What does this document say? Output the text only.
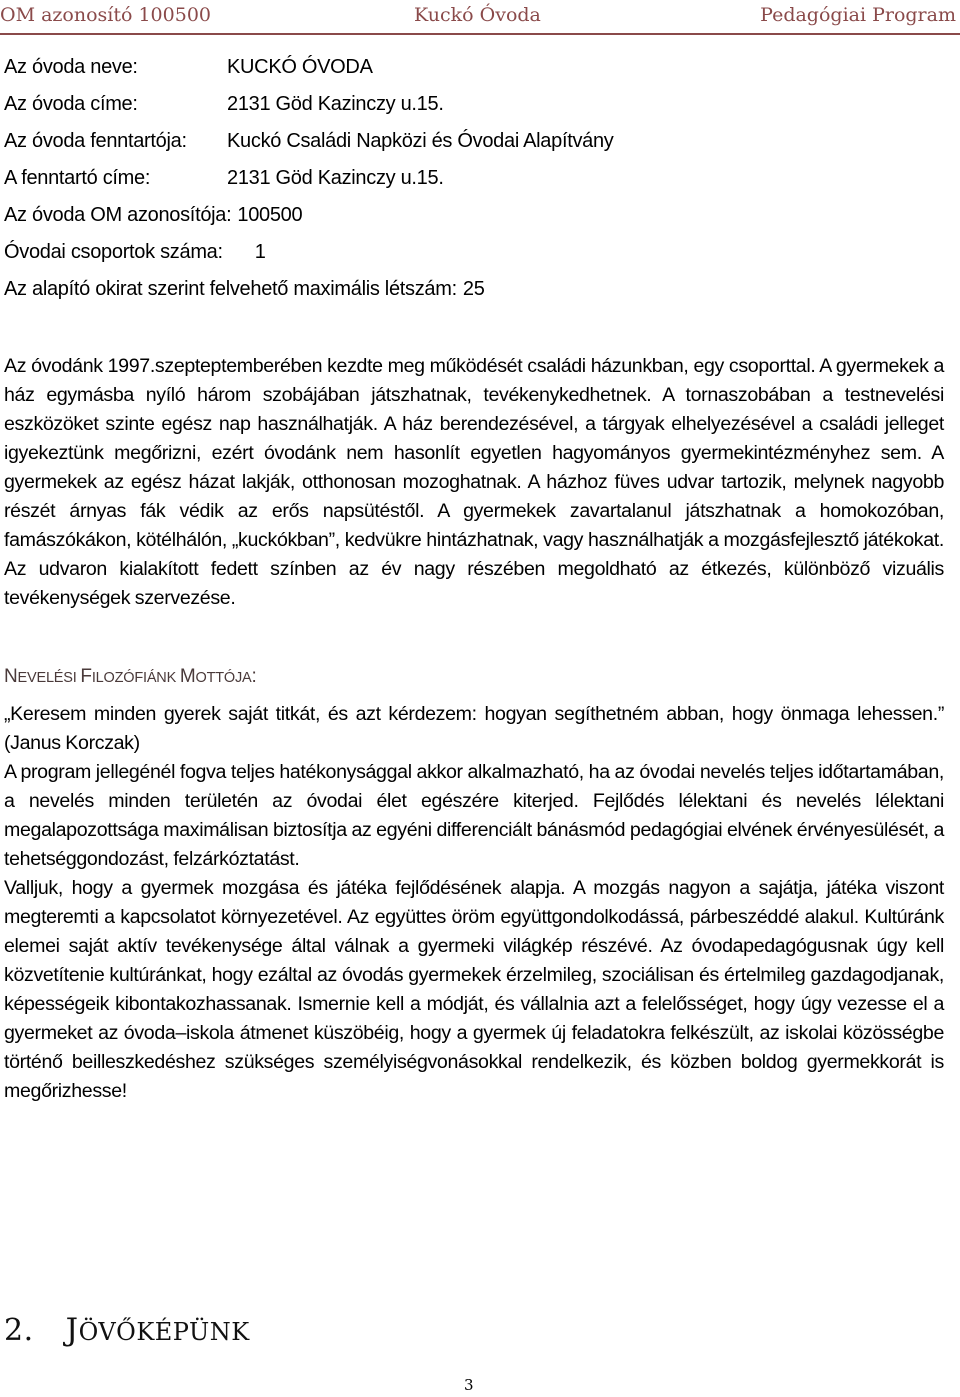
OM azonosító 100500	Kuckó Óvoda	Pedagógiai Program
Az óvoda neve:	KUCKÓ ÓVODA
Az óvoda címe:	2131 Göd Kazinczy u.15.
Az óvoda fenntartója: Kuckó Családi Napközi és Óvodai Alapítvány
A fenntartó címe:	2131 Göd Kazinczy u.15.
Az óvoda OM azonosítója: 100500
Óvodai csoportok száma: 1
Az alapító okirat szerint felvehető maximális létszám: 25
Az óvodánk 1997.szepteptemberében kezdte meg működését családi házunkban, egy csoporttal. A gyermekek a ház egymásba nyíló három szobájában játszhatnak, tevékenykedhetnek. A tornaszobában a testnevelési eszközöket szinte egész nap használhatják. A ház berendezésével, a tárgyak elhelyezésével a családi jelleget igyekeztünk megőrizni, ezért óvodánk nem hasonlít egyetlen hagyományos gyermekintézményhez sem. A gyermekek az egész házat lakják, otthonosan mozoghatnak. A házhoz füves udvar tartozik, melynek nagyobb részét árnyas fák védik az erős napsütéstől. A gyermekek zavartalanul játszhatnak a homokozóban, famászókákon, kötélhálón, „kuckókban”, kedvükre hintázhatnak, vagy használhatják a mozgásfejlesztő játékokat. Az udvaron kialakított fedett színben az év nagy részében megoldható az étkezés, különböző vizuális tevékenységek szervezése.
NEVELÉSI FILOZÓFIÁNK MOTTÓJA:
„Keresem minden gyerek saját titkát, és azt kérdezem: hogyan segíthetném abban, hogy önmaga lehessen.” (Janus Korczak)
A program jellegénél fogva teljes hatékonysággal akkor alkalmazható, ha az óvodai nevelés teljes időtartamában, a nevelés minden területén az óvodai élet egészére kiterjed. Fejlődés lélektani és nevelés lélektani megalapozottsága maximálisan biztosítja az egyéni differenciált bánásmód pedagógiai elvének érvényesülését, a tehetséggondozást, felzárkóztatást.
Valljuk, hogy a gyermek mozgása és játéka fejlődésének alapja. A mozgás nagyon a sajátja, játéka viszont megteremti a kapcsolatot környezetével. Az együttes öröm együttgondolkodássá, párbeszéddé alakul. Kultúránk elemei saját aktív tevékenysége által válnak a gyermeki világkép részévé. Az óvodapedagógusnak úgy kell közvetítenie kultúránkat, hogy ezáltal az óvodás gyermekek érzelmileg, szociálisan és értelmileg gazdagodjanak, képességeik kibontakozhassanak. Ismernie kell a módját, és vállalnia azt a felelősséget, hogy úgy vezesse el a gyermeket az óvoda–iskola átmenet küszöbéig, hogy a gyermek új feladatokra felkészült, az iskolai közösségbe történő beilleszkedéshez szükséges személyiségvonásokkal rendelkezik, és közben boldog gyermekkorát is megőrizhesse!
2. JÖVŐKÉPÜNK
3
